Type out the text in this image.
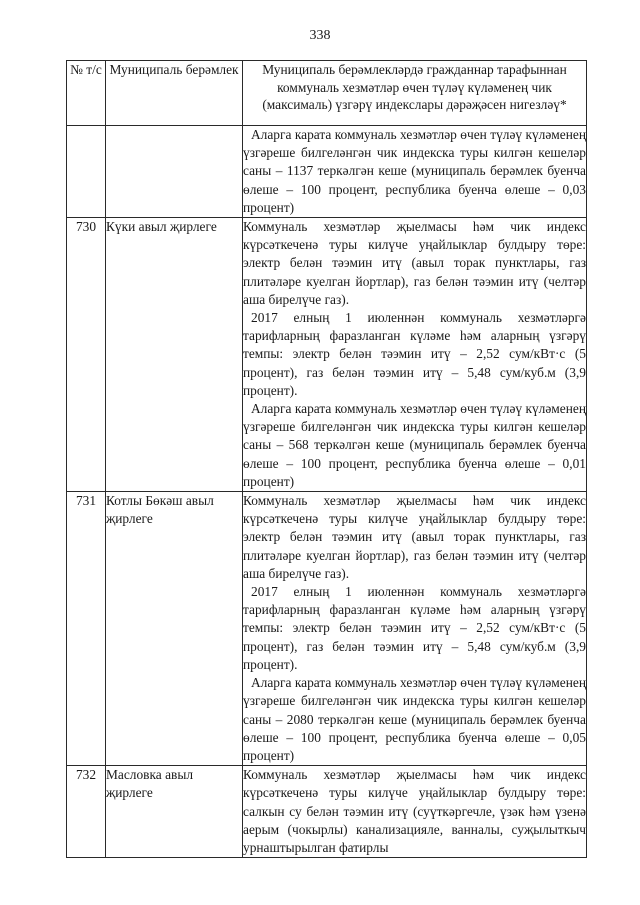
338
№ т/с	Муниципаль берәмлек	Муниципаль берәмлекләрдә гражданнар тарафыннан коммуналь хезмәтләр өчен түләү күләменең чик (максималь) үзгәрү индекслары дәрәҗәсен нигезләү*

		Аларга карата коммуналь хезмәтләр өчен түләү күләменең үзгәреше билгеләнгән чик индекска туры килгән кешеләр саны – 1137 теркәлгән кеше (муниципаль берәмлек буенча өлеше – 100 процент, республика буенча өлеше – 0,03 процент)

730	Күки авыл җирлеге	Коммуналь хезмәтләр җыелмасы һәм чик индекс күрсәткеченә туры килүче уңайлыклар булдыру төре: электр белән тәэмин итү (авыл торак пунктлары, газ плитәләре куелган йортлар), газ белән тәэмин итү (челтәр аша бирелүче газ).

2017 елның 1 июленнән коммуналь хезмәтләргә тарифларның фаразланган күләме һәм аларның үзгәрү темпы: электр белән тәэмин итү – 2,52 сум/кВт·с (5 процент), газ белән тәэмин итү – 5,48 сум/куб.м (3,9 процент).

Аларга карата коммуналь хезмәтләр өчен түләү күләменең үзгәреше билгеләнгән чик индекска туры килгән кешеләр саны – 568 теркәлгән кеше (муниципаль берәмлек буенча өлеше – 100 процент, республика буенча өлеше – 0,01 процент)

731	Котлы Бөкәш авыл җирлеге	Коммуналь хезмәтләр җыелмасы һәм чик индекс күрсәткеченә туры килүче уңайлыклар булдыру төре: электр белән тәэмин итү (авыл торак пунктлары, газ плитәләре куелган йортлар), газ белән тәэмин итү (челтәр аша бирелүче газ).

2017 елның 1 июленнән коммуналь хезмәтләргә тарифларның фаразланган күләме һәм аларның үзгәрү темпы: электр белән тәэмин итү – 2,52 сум/кВт·с (5 процент), газ белән тәэмин итү – 5,48 сум/куб.м (3,9 процент).

Аларга карата коммуналь хезмәтләр өчен түләү күләменең үзгәреше билгеләнгән чик индекска туры килгән кешеләр саны – 2080 теркәлгән кеше (муниципаль берәмлек буенча өлеше – 100 процент, республика буенча өлеше – 0,05 процент)

732	Масловка авыл җирлеге	Коммуналь хезмәтләр җыелмасы һәм чик индекс күрсәткеченә туры килүче уңайлыклар булдыру төре: салкын су белән тәэмин итү (суүткәргечле, үзәк һәм үзенә аерым (чокырлы) канализацияле, ванналы, суҗылыткыч урнаштырылган фатирлы
